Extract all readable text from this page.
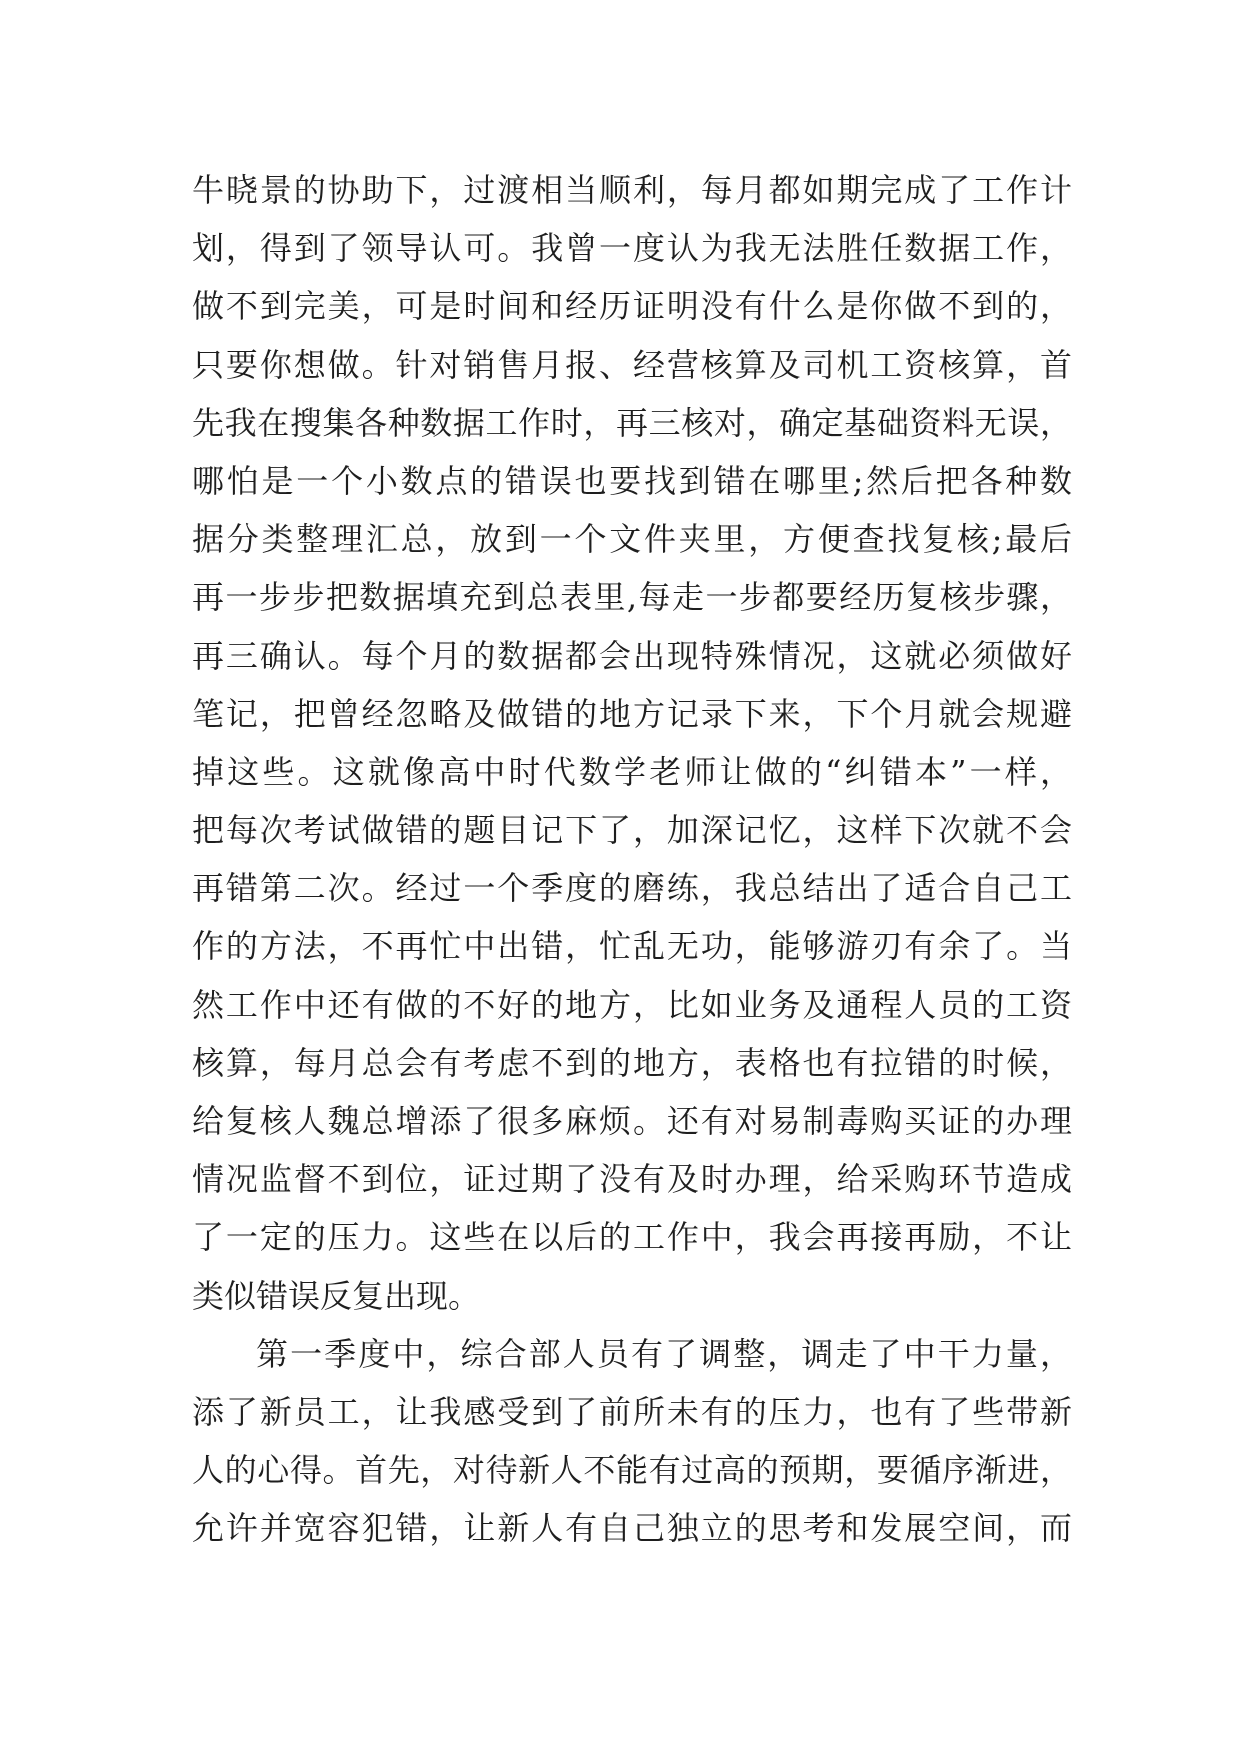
牛晓景的协助下，过渡相当顺利，每月都如期完成了工作计
划，得到了领导认可。我曾一度认为我无法胜任数据工作，
做不到完美，可是时间和经历证明没有什么是你做不到的，
只要你想做。针对销售月报、经营核算及司机工资核算，首
先我在搜集各种数据工作时，再三核对，确定基础资料无误，
哪怕是一个小数点的错误也要找到错在哪里;然后把各种数
据分类整理汇总，放到一个文件夹里，方便查找复核;最后
再一步步把数据填充到总表里,每走一步都要经历复核步骤，
再三确认。每个月的数据都会出现特殊情况，这就必须做好
笔记，把曾经忽略及做错的地方记录下来，下个月就会规避
掉这些。这就像高中时代数学老师让做的“纠错本”一样，
把每次考试做错的题目记下了，加深记忆，这样下次就不会
再错第二次。经过一个季度的磨练，我总结出了适合自己工
作的方法，不再忙中出错，忙乱无功，能够游刃有余了。当
然工作中还有做的不好的地方，比如业务及通程人员的工资
核算，每月总会有考虑不到的地方，表格也有拉错的时候，
给复核人魏总增添了很多麻烦。还有对易制毒购买证的办理
情况监督不到位，证过期了没有及时办理，给采购环节造成
了一定的压力。这些在以后的工作中，我会再接再励，不让
类似错误反复出现。
第一季度中，综合部人员有了调整，调走了中干力量，
添了新员工，让我感受到了前所未有的压力，也有了些带新
人的心得。首先，对待新人不能有过高的预期，要循序渐进，
允许并宽容犯错，让新人有自己独立的思考和发展空间，而
